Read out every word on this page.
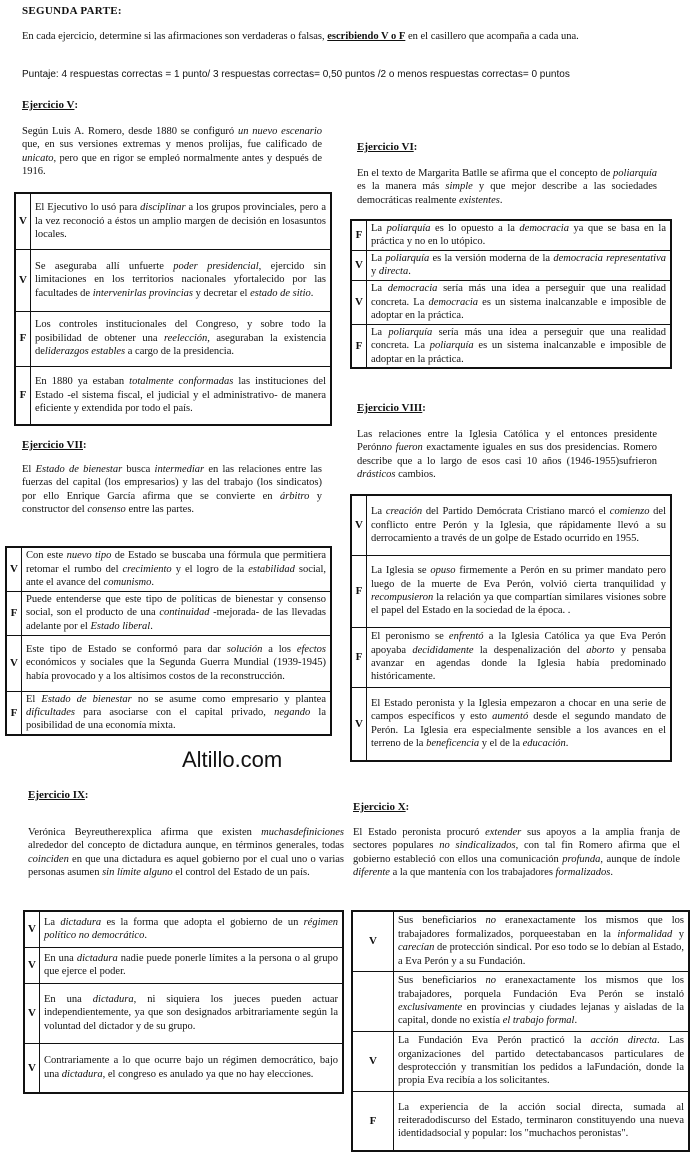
SEGUNDA PARTE:
En cada ejercicio, determine si las afirmaciones son verdaderas o falsas, escribiendo V o F en el casillero que acompaña a cada una.
Puntaje: 4 respuestas correctas = 1 punto/ 3 respuestas correctas= 0,50 puntos /2 o menos respuestas correctas= 0 puntos
Ejercicio V:
Según Luis A. Romero, desde 1880 se configuró un nuevo escenario que, en sus versiones extremas y menos prolijas, fue calificado de unicato, pero que en rigor se empleó normalmente antes y después de 1916.
V	El Ejecutivo lo usó para disciplinar a los grupos provinciales, pero a la vez reconoció a éstos un amplio margen de decisión en losasuntos locales.
V	Se aseguraba allí unfuerte poder presidencial, ejercido sin limitaciones en los territorios nacionales yfortalecido por las facultades de intervenirlas provincias y decretar el estado de sitio.
F	Los controles institucionales del Congreso, y sobre todo la posibilidad de obtener una reelección, aseguraban la existencia deliderazgos estables a cargo de la presidencia.
F	En 1880 ya estaban totalmente conformadas las instituciones del Estado -el sistema fiscal, el judicial y el administrativo- de manera eficiente y extendida por todo el país.
Ejercicio VI:
En el texto de Margarita Batlle se afirma que el concepto de poliarquía es la manera más simple y que mejor describe a las sociedades democráticas realmente existentes.
F	La poliarquía es lo opuesto a la democracia ya que se basa en la práctica y no en lo utópico.
V	La poliarquía es la versión moderna de la democracia representativa y directa.
V	La democracia sería más una idea a perseguir que una realidad concreta. La democracia es un sistema inalcanzable e imposible de adoptar en la práctica.
F	La poliarquía sería más una idea a perseguir que una realidad concreta. La poliarquía es un sistema inalcanzable e imposible de adoptar en la práctica.
Ejercicio VII:
El Estado de bienestar busca intermediar en las relaciones entre las fuerzas del capital (los empresarios) y las del trabajo (los sindicatos) por ello Enrique García afirma que se convierte en árbitro y constructor del consenso entre las partes.
V	Con este nuevo tipo de Estado se buscaba una fórmula que permitiera retomar el rumbo del crecimiento y el logro de la estabilidad social, ante el avance del comunismo.
F	Puede entenderse que este tipo de políticas de bienestar y consenso social, son el producto de una continuidad -mejorada- de las llevadas adelante por el Estado liberal.
V	Este tipo de Estado se conformó para dar solución a los efectos económicos y sociales que la Segunda Guerra Mundial (1939-1945) había provocado y a los altísimos costos de la reconstrucción.
F	El Estado de bienestar no se asume como empresario y plantea dificultades para asociarse con el capital privado, negando la posibilidad de una economía mixta.
Ejercicio VIII:
Las relaciones entre la Iglesia Católica y el entonces presidente Perónno fueron exactamente iguales en sus dos presidencias. Romero describe que a lo largo de esos casi 10 años (1946-1955)sufrieron drásticos cambios.
V	La creación del Partido Demócrata Cristiano marcó el comienzo del conflicto entre Perón y la Iglesia, que rápidamente llevó a su derrocamiento a través de un golpe de Estado ocurrido en 1955.
F	La Iglesia se opuso firmemente a Perón en su primer mandato pero luego de la muerte de Eva Perón, volvió cierta tranquilidad y recompusieron la relación ya que compartían similares visiones sobre el papel del Estado en la sociedad de la época. .
F	El peronismo se enfrentó a la Iglesia Católica ya que Eva Perón apoyaba decididamente la despenalización del aborto y pensaba avanzar en agendas donde la Iglesia había predominado históricamente.
V	El Estado peronista y la Iglesia empezaron a chocar en una serie de campos específicos y esto aumentó desde el segundo mandato de Perón. La Iglesia era especialmente sensible a los avances en el terreno de la beneficencia y el de la educación.
Altillo.com
Ejercicio IX:
Verónica Beyreutherexplica afirma que existen muchasdefiniciones alrededor del concepto de dictadura aunque, en términos generales, todas coinciden en que una dictadura es aquel gobierno por el cual uno o varias personas asumen sin límite alguno el control del Estado de un país.
V	La dictadura es la forma que adopta el gobierno de un régimen político no democrático.
V	En una dictadura nadie puede ponerle límites a la persona o al grupo que ejerce el poder.
V	En una dictadura, ni siquiera los jueces pueden actuar independientemente, ya que son designados arbitrariamente según la voluntad del dictador y de su grupo.
V	Contrariamente a lo que ocurre bajo un régimen democrático, bajo una dictadura, el congreso es anulado ya que no hay elecciones.
Ejercicio X:
El Estado peronista procuró extender sus apoyos a la amplia franja de sectores populares no sindicalizados, con tal fin Romero afirma que el gobierno estableció con ellos una comunicación profunda, aunque de índole diferente a la que mantenía con los trabajadores formalizados.
V	Sus beneficiarios no eranexactamente los mismos que los trabajadores formalizados, porqueestaban en la informalidad y carecían de protección sindical. Por eso todo se lo debían al Estado, a Eva Perón y a su Fundación.
	Sus beneficiarios no eranexactamente los mismos que los trabajadores, porquela Fundación Eva Perón se instaló exclusivamente en provincias y ciudades lejanas y aisladas de la capital, donde no existía el trabajo formal.
V	La Fundación Eva Perón practicó la acción directa. Las organizaciones del partido detectabancasos particulares de desprotección y transmitían los pedidos a laFundación, donde la propia Eva recibía a los solicitantes.
F	La experiencia de la acción social directa, sumada al reiteradodiscurso del Estado, terminaron constituyendo una nueva identidadsocial y popular: los "muchachos peronistas".
